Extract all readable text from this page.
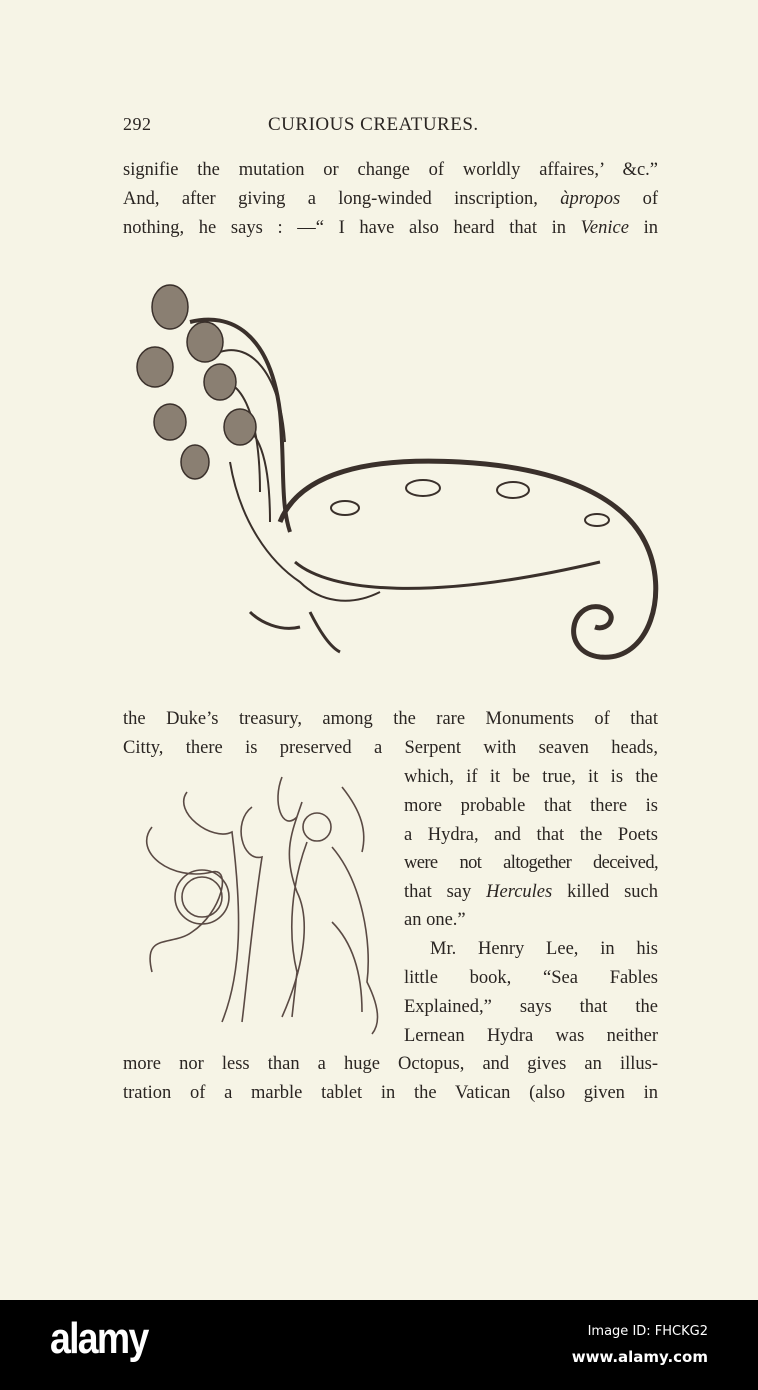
292	CURIOUS CREATURES.
signifie the mutation or change of worldly affaires,’ &c.”
And, after giving a long-winded inscription, àpropos of
nothing, he says : —“ I have also heard that in Venice in
the Duke’s treasury, among the rare Monuments of that
Citty, there is preserved a Serpent with seaven heads,
which, if it be true, it is the
more probable that there is
a Hydra, and that the Poets
were not altogether deceived,
that say Hercules killed such
an one.”
Mr. Henry Lee, in his
little book, “Sea Fables
Explained,” says that the
Lernean Hydra was neither
more nor less than a huge Octopus, and gives an illus-
tration of a marble tablet in the Vatican (also given in
alamy	Image ID: FHCKG2
www.alamy.com
